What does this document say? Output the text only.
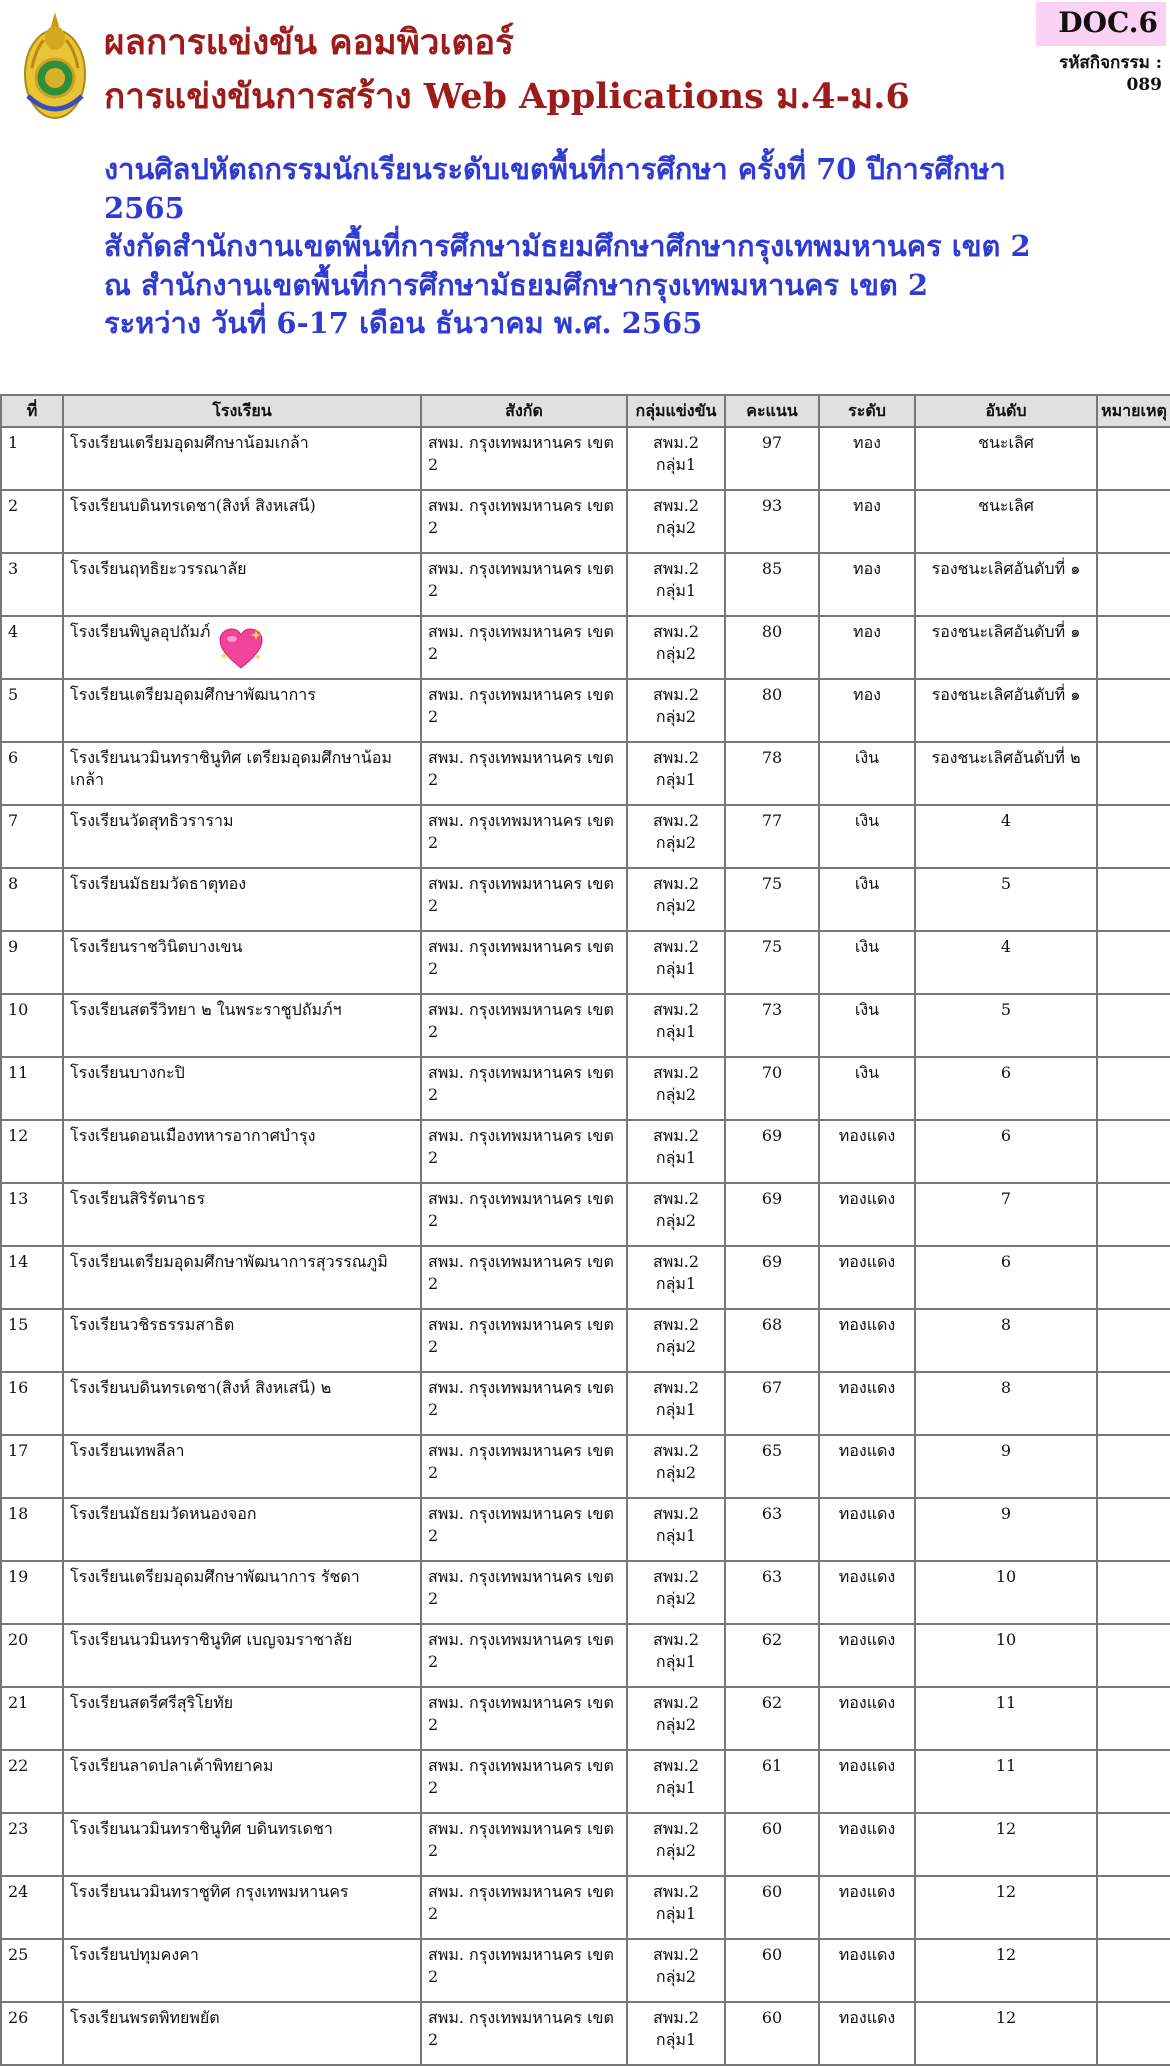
ผลการแข่งขัน คอมพิวเตอร์
การแข่งขันการสร้าง Web Applications ม.4-ม.6
DOC.6
รหัสกิจกรรม :
089
งานศิลปหัตถกรรมนักเรียนระดับเขตพื้นที่การศึกษา ครั้งที่ 70 ปีการศึกษา
2565
สังกัดสำนักงานเขตพื้นที่การศึกษามัธยมศึกษาศึกษากรุงเทพมหานคร เขต 2
ณ สำนักงานเขตพื้นที่การศึกษามัธยมศึกษากรุงเทพมหานคร เขต 2
ระหว่าง วันที่ 6-17 เดือน ธันวาคม พ.ศ. 2565
ที่	โรงเรียน	สังกัด	กลุ่มแข่งขัน	คะแนน	ระดับ	อันดับ	หมายเหตุ
1	โรงเรียนเตรียมอุดมศึกษาน้อมเกล้า	สพม. กรุงเทพมหานคร เขต 2	สพม.2 กลุ่ม1	97	ทอง	ชนะเลิศ	
2	โรงเรียนบดินทรเดชา(สิงห์ สิงหเสนี)	สพม. กรุงเทพมหานคร เขต 2	สพม.2 กลุ่ม2	93	ทอง	ชนะเลิศ	
3	โรงเรียนฤทธิยะวรรณาลัย	สพม. กรุงเทพมหานคร เขต 2	สพม.2 กลุ่ม1	85	ทอง	รองชนะเลิศอันดับที่ ๑	
4	โรงเรียนพิบูลอุปถัมภ์	สพม. กรุงเทพมหานคร เขต 2	สพม.2 กลุ่ม2	80	ทอง	รองชนะเลิศอันดับที่ ๑	
5	โรงเรียนเตรียมอุดมศึกษาพัฒนาการ	สพม. กรุงเทพมหานคร เขต 2	สพม.2 กลุ่ม2	80	ทอง	รองชนะเลิศอันดับที่ ๑	
6	โรงเรียนนวมินทราชินูทิศ เตรียมอุดมศึกษาน้อมเกล้า	สพม. กรุงเทพมหานคร เขต 2	สพม.2 กลุ่ม1	78	เงิน	รองชนะเลิศอันดับที่ ๒	
7	โรงเรียนวัดสุทธิวราราม	สพม. กรุงเทพมหานคร เขต 2	สพม.2 กลุ่ม2	77	เงิน	4	
8	โรงเรียนมัธยมวัดธาตุทอง	สพม. กรุงเทพมหานคร เขต 2	สพม.2 กลุ่ม2	75	เงิน	5	
9	โรงเรียนราชวินิตบางเขน	สพม. กรุงเทพมหานคร เขต 2	สพม.2 กลุ่ม1	75	เงิน	4	
10	โรงเรียนสตรีวิทยา ๒ ในพระราชูปถัมภ์ฯ	สพม. กรุงเทพมหานคร เขต 2	สพม.2 กลุ่ม1	73	เงิน	5	
11	โรงเรียนบางกะปิ	สพม. กรุงเทพมหานคร เขต 2	สพม.2 กลุ่ม2	70	เงิน	6	
12	โรงเรียนดอนเมืองทหารอากาศบำรุง	สพม. กรุงเทพมหานคร เขต 2	สพม.2 กลุ่ม1	69	ทองแดง	6	
13	โรงเรียนสิริรัตนาธร	สพม. กรุงเทพมหานคร เขต 2	สพม.2 กลุ่ม2	69	ทองแดง	7	
14	โรงเรียนเตรียมอุดมศึกษาพัฒนาการสุวรรณภูมิ	สพม. กรุงเทพมหานคร เขต 2	สพม.2 กลุ่ม1	69	ทองแดง	6	
15	โรงเรียนวชิรธรรมสาธิต	สพม. กรุงเทพมหานคร เขต 2	สพม.2 กลุ่ม2	68	ทองแดง	8	
16	โรงเรียนบดินทรเดชา(สิงห์ สิงหเสนี) ๒	สพม. กรุงเทพมหานคร เขต 2	สพม.2 กลุ่ม1	67	ทองแดง	8	
17	โรงเรียนเทพลีลา	สพม. กรุงเทพมหานคร เขต 2	สพม.2 กลุ่ม2	65	ทองแดง	9	
18	โรงเรียนมัธยมวัดหนองจอก	สพม. กรุงเทพมหานคร เขต 2	สพม.2 กลุ่ม1	63	ทองแดง	9	
19	โรงเรียนเตรียมอุดมศึกษาพัฒนาการ รัชดา	สพม. กรุงเทพมหานคร เขต 2	สพม.2 กลุ่ม2	63	ทองแดง	10	
20	โรงเรียนนวมินทราชินูทิศ เบญจมราชาลัย	สพม. กรุงเทพมหานคร เขต 2	สพม.2 กลุ่ม1	62	ทองแดง	10	
21	โรงเรียนสตรีศรีสุริโยทัย	สพม. กรุงเทพมหานคร เขต 2	สพม.2 กลุ่ม2	62	ทองแดง	11	
22	โรงเรียนลาดปลาเค้าพิทยาคม	สพม. กรุงเทพมหานคร เขต 2	สพม.2 กลุ่ม1	61	ทองแดง	11	
23	โรงเรียนนวมินทราชินูทิศ บดินทรเดชา	สพม. กรุงเทพมหานคร เขต 2	สพม.2 กลุ่ม2	60	ทองแดง	12	
24	โรงเรียนนวมินทราชูทิศ กรุงเทพมหานคร	สพม. กรุงเทพมหานคร เขต 2	สพม.2 กลุ่ม1	60	ทองแดง	12	
25	โรงเรียนปทุมคงคา	สพม. กรุงเทพมหานคร เขต 2	สพม.2 กลุ่ม2	60	ทองแดง	12	
26	โรงเรียนพรตพิทยพยัต	สพม. กรุงเทพมหานคร เขต 2	สพม.2 กลุ่ม1	60	ทองแดง	12	
